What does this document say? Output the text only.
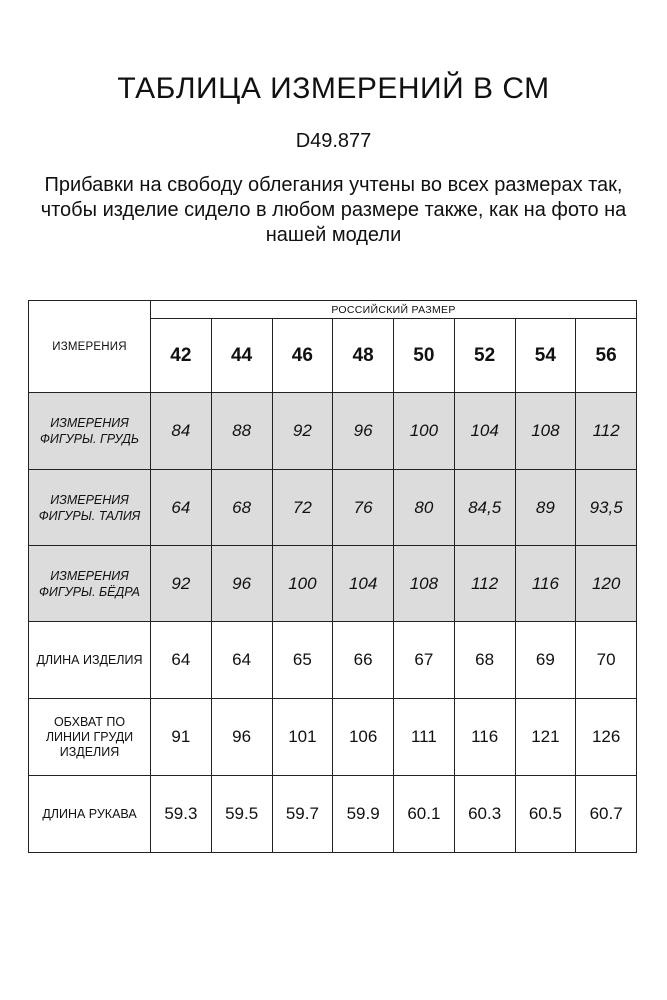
ТАБЛИЦА ИЗМЕРЕНИЙ В СМ
D49.877
Прибавки на свободу облегания учтены во всех размерах так, чтобы изделие сидело в любом размере также, как на фото на нашей модели
ИЗМЕРЕНИЯ	РОССИЙСКИЙ РАЗМЕР							
	42	44	46	48	50	52	54	56

ИЗМЕРЕНИЯ
ФИГУРЫ. ГРУДЬ	84	88	92	96	100	104	108	112

ИЗМЕРЕНИЯ
ФИГУРЫ. ТАЛИЯ	64	68	72	76	80	84,5	89	93,5

ИЗМЕРЕНИЯ
ФИГУРЫ. БЁДРА	92	96	100	104	108	112	116	120

ДЛИНА ИЗДЕЛИЯ	64	64	65	66	67	68	69	70

ОБХВАТ ПО
ЛИНИИ ГРУДИ
ИЗДЕЛИЯ	91	96	101	106	111	116	121	126

ДЛИНА РУКАВА	59.3	59.5	59.7	59.9	60.1	60.3	60.5	60.7
